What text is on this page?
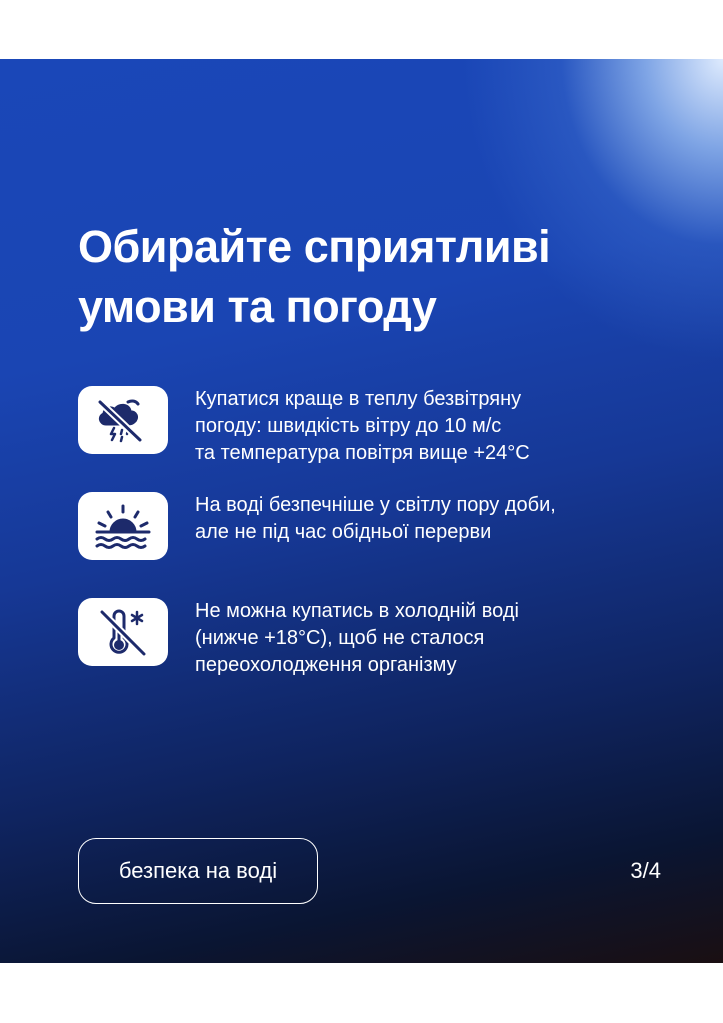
Обирайте сприятливі
умови та погоду

Купатися краще в теплу безвітряну
погоду: швидкість вітру до 10 м/с
та температура повітря вище +24°C

На воді безпечніше у світлу пору доби,
але не під час обідньої перерви

Не можна купатись в холодній воді
(нижче +18°C), щоб не сталося
переохолодження організму

безпека на воді	3/4
